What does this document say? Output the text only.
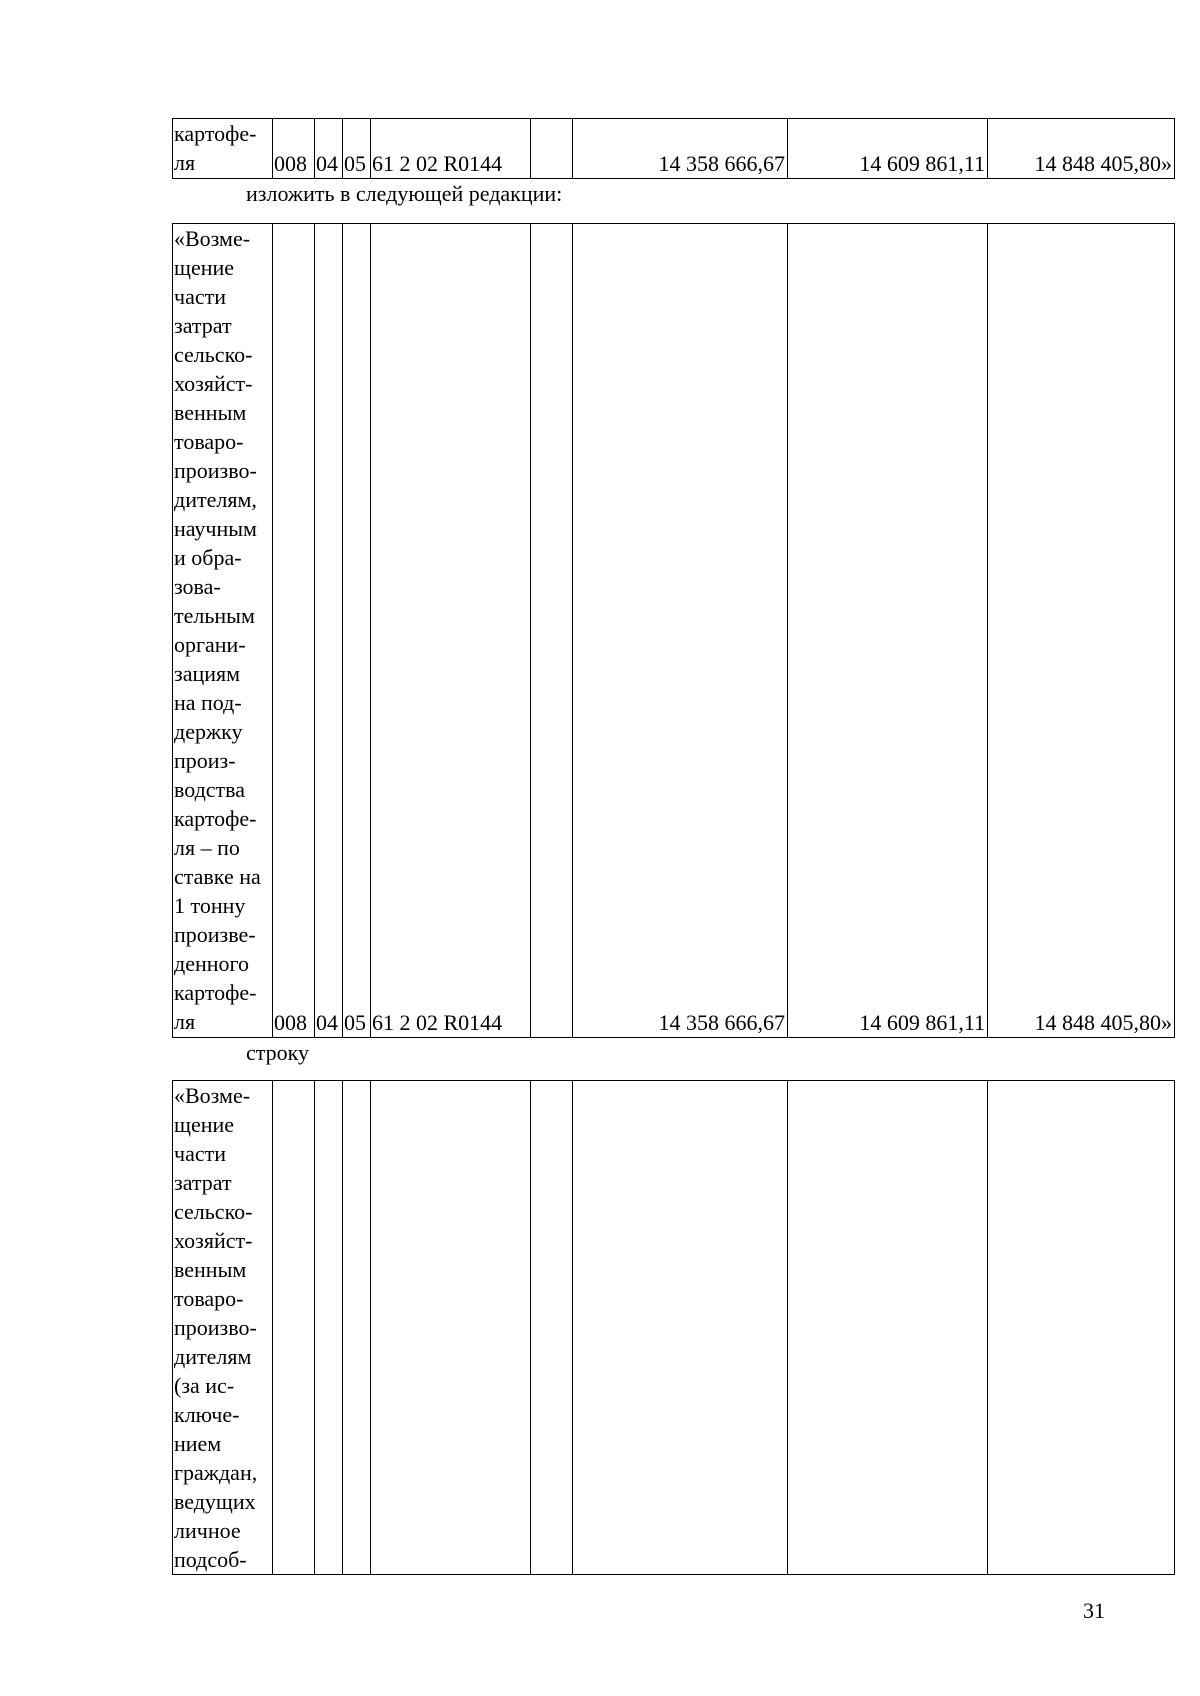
картофе-
ля	008	04	05	61 2 02 R0144		14 358 666,67	14 609 861,11	14 848 405,80»
изложить в следующей редакции:
«Возме-
щение
части
затрат
сельско-
хозяйст-
венным
товаро-
произво-
дителям,
научным
и обра-
зова-
тельным
органи-
зациям
на под-
держку
произ-
водства
картофе-
ля – по
ставке на
1 тонну
произве-
денного
картофе-
ля	008	04	05	61 2 02 R0144		14 358 666,67	14 609 861,11	14 848 405,80»
строку
«Возме-
щение
части
затрат
сельско-
хозяйст-
венным
товаро-
произво-
дителям
(за ис-
ключе-
нием
граждан,
ведущих
личное
подсоб-

31
